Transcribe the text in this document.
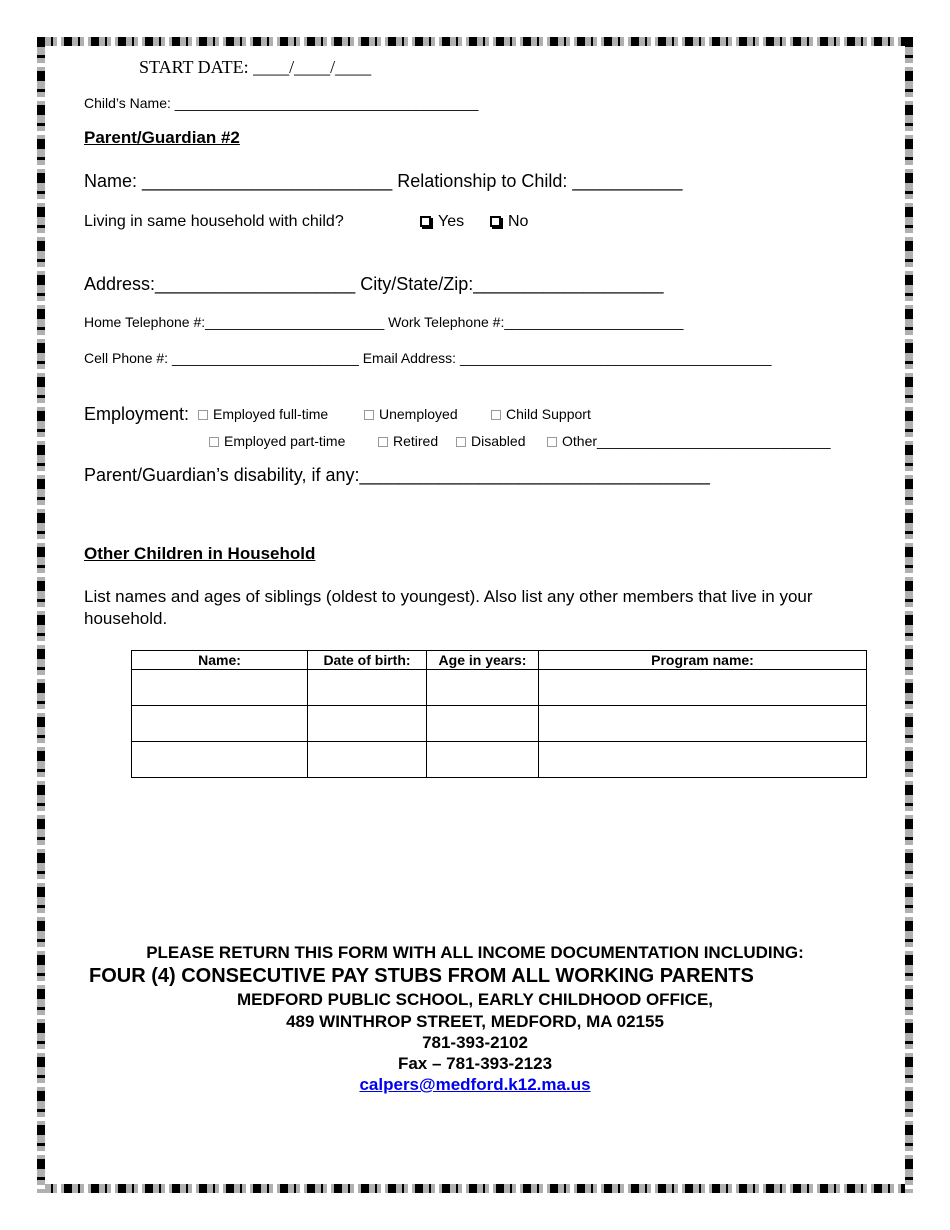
START DATE: ____/____/____
Child’s Name: _______________________________________
Parent/Guardian #2
Name: _________________________ Relationship to Child: ___________
Living in same household with child?	Yes	No
Address:____________________ City/State/Zip:___________________
Home Telephone #:_______________________ Work Telephone #:_______________________
Cell Phone #: ________________________ Email Address: ________________________________________
Employment:	Employed full-time	Unemployed	Child Support
Employed part-time	Retired	Disabled	Other______________________________
Parent/Guardian’s disability, if any:___________________________________
Other Children in Household
List names and ages of siblings (oldest to youngest). Also list any other members that live in your household.
Name:	Date of birth:	Age in years:	Program name:

PLEASE RETURN THIS FORM WITH ALL INCOME DOCUMENTATION INCLUDING:
FOUR (4) CONSECUTIVE PAY STUBS FROM ALL WORKING PARENTS
MEDFORD PUBLIC SCHOOL, EARLY CHILDHOOD OFFICE,
489 WINTHROP STREET, MEDFORD, MA 02155
781-393-2102
Fax – 781-393-2123
calpers@medford.k12.ma.us
